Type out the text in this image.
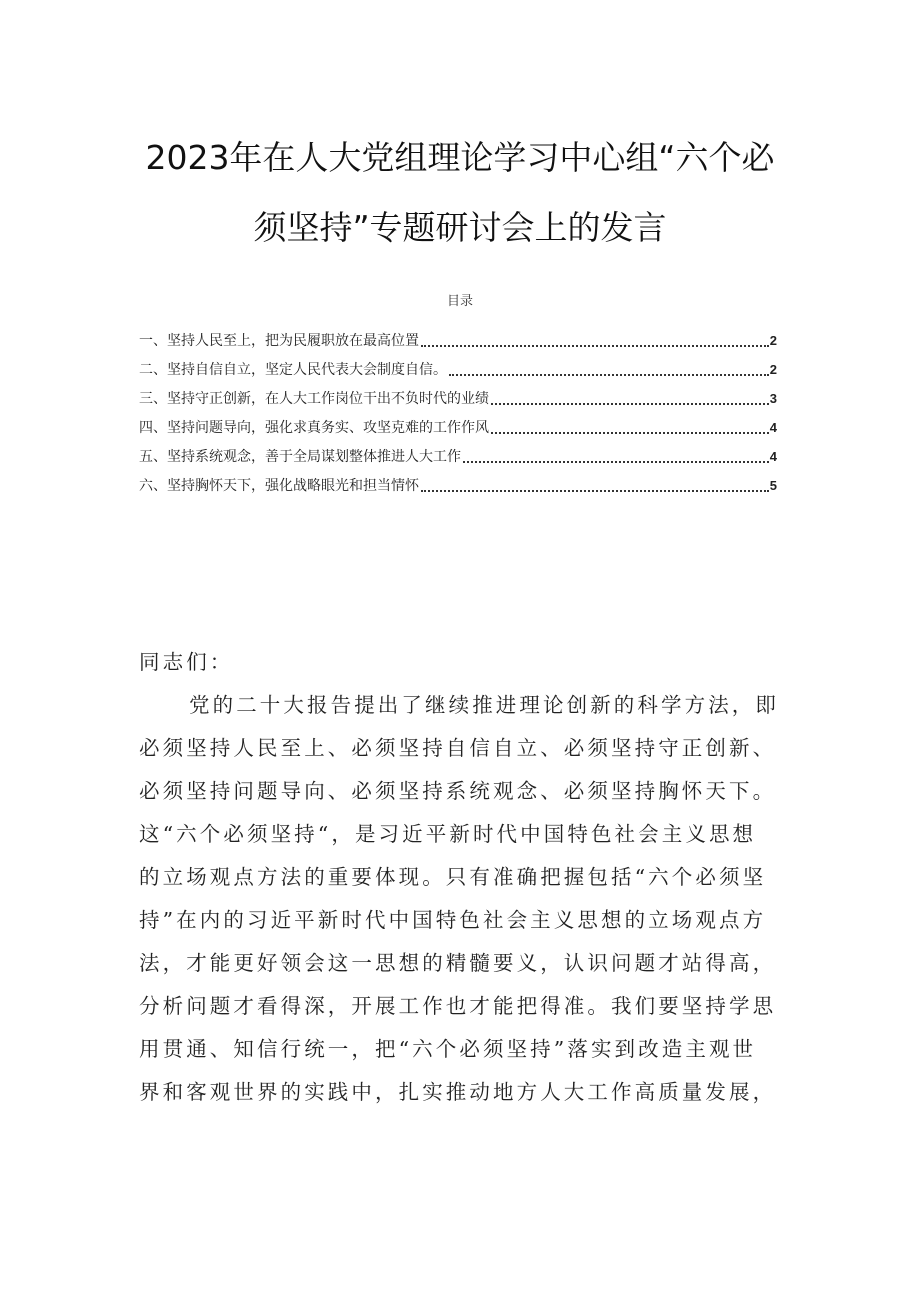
2023年在人大党组理论学习中心组“六个必
须坚持”专题研讨会上的发言
目录
一、坚持人民至上，把为民履职放在最高位置	2
二、坚持自信自立，坚定人民代表大会制度自信。	2
三、坚持守正创新，在人大工作岗位干出不负时代的业绩	3
四、坚持问题导向，强化求真务实、攻坚克难的工作作风	4
五、坚持系统观念，善于全局谋划整体推进人大工作	4
六、坚持胸怀天下，强化战略眼光和担当情怀	5
同志们：
党的二十大报告提出了继续推进理论创新的科学方法，即
必须坚持人民至上、必须坚持自信自立、必须坚持守正创新、
必须坚持问题导向、必须坚持系统观念、必须坚持胸怀天下。
这“六个必须坚持“，是习近平新时代中国特色社会主义思想
的立场观点方法的重要体现。只有准确把握包括“六个必须坚
持”在内的习近平新时代中国特色社会主义思想的立场观点方
法，才能更好领会这一思想的精髓要义，认识问题才站得高，
分析问题才看得深，开展工作也才能把得准。我们要坚持学思
用贯通、知信行统一，把“六个必须坚持”落实到改造主观世
界和客观世界的实践中，扎实推动地方人大工作高质量发展，
